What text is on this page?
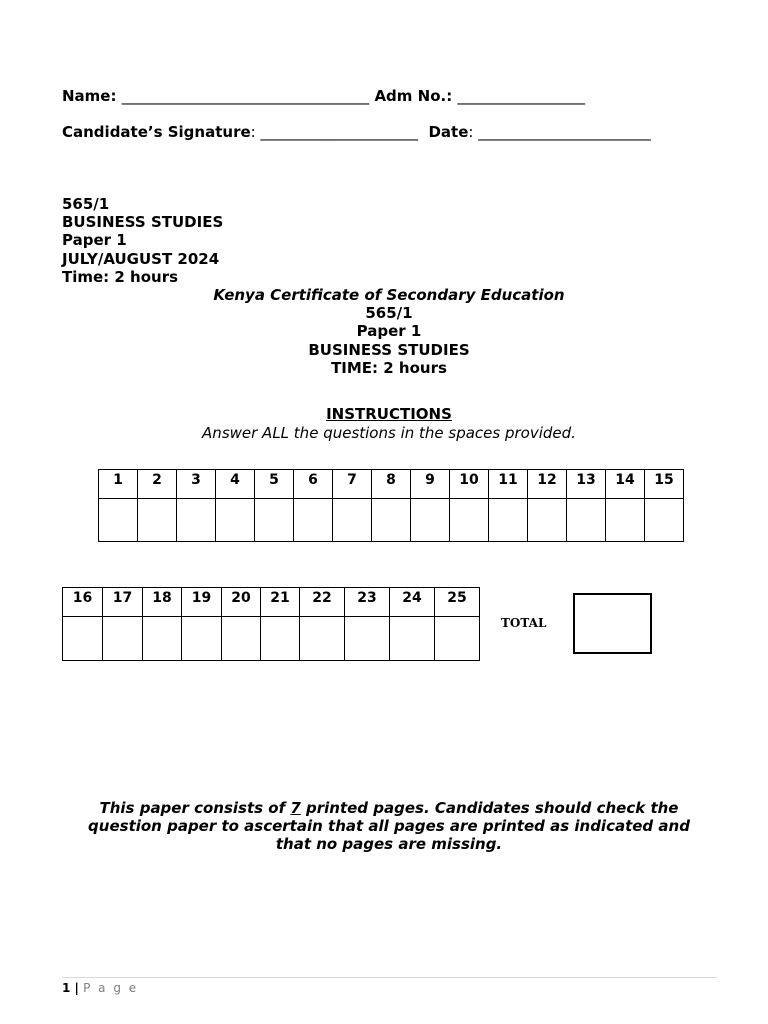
Name: _________________________________ Adm No.: _________________
Candidate’s Signature: _____________________ Date: _______________________
565/1
BUSINESS STUDIES
Paper 1
JULY/AUGUST 2024
Time: 2 hours
Kenya Certificate of Secondary Education
565/1
Paper 1
BUSINESS STUDIES
TIME: 2 hours
INSTRUCTIONS
Answer ALL the questions in the spaces provided.
1	2	3	4	5	6	7	8	9	10	11	12	13	14	15

16	17	18	19	20	21	22	23	24	25

TOTAL
This paper consists of 7 printed pages. Candidates should check the question paper to ascertain that all pages are printed as indicated and that no pages are missing.
1 | P a g e
